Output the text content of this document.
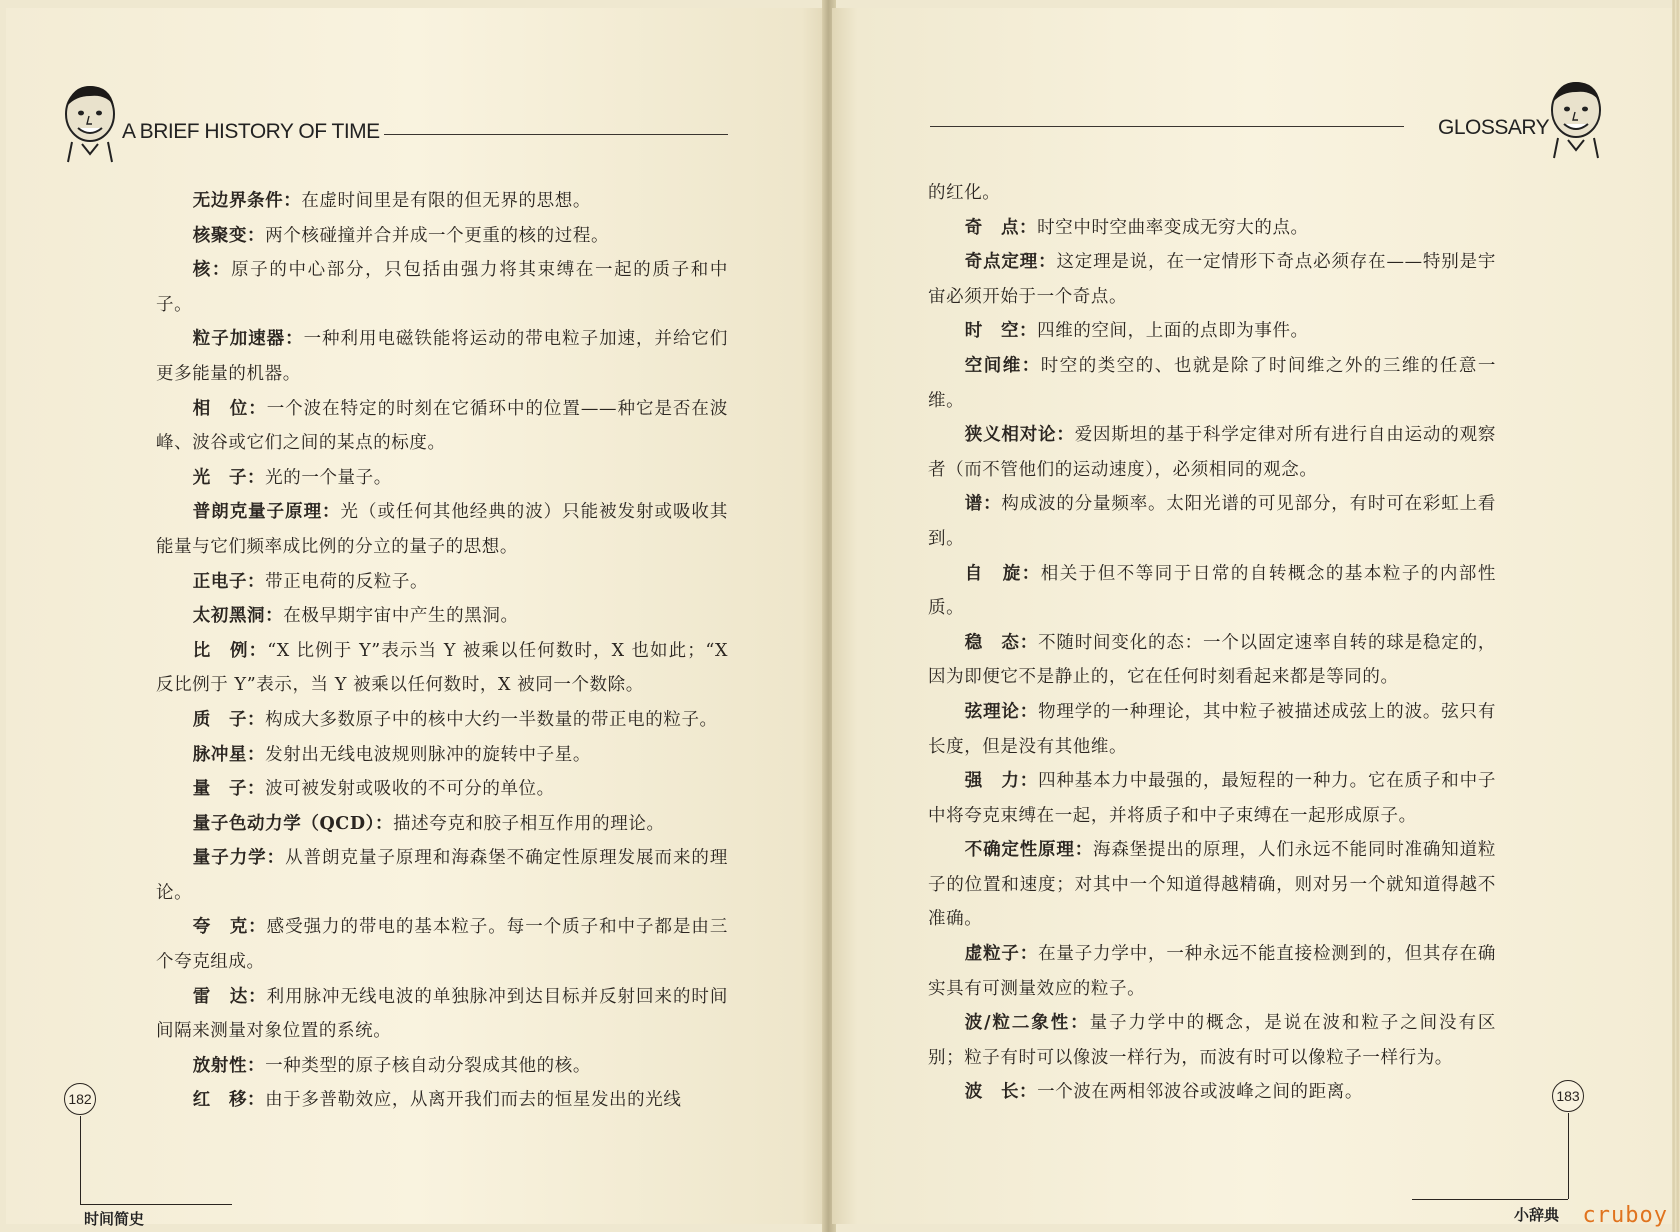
A BRIEF HISTORY OF TIME

无边界条件：在虚时间里是有限的但无界的思想。

核聚变：两个核碰撞并合并成一个更重的核的过程。

核：原子的中心部分，只包括由强力将其束缚在一起的质子和中子。

粒子加速器：一种利用电磁铁能将运动的带电粒子加速，并给它们更多能量的机器。

相　位：一个波在特定的时刻在它循环中的位置——种它是否在波峰、波谷或它们之间的某点的标度。

光　子：光的一个量子。

普朗克量子原理：光（或任何其他经典的波）只能被发射或吸收其能量与它们频率成比例的分立的量子的思想。

正电子：带正电荷的反粒子。

太初黑洞：在极早期宇宙中产生的黑洞。

比　例：“X 比例于 Y”表示当 Y 被乘以任何数时，X 也如此；“X 反比例于 Y”表示，当 Y 被乘以任何数时，X 被同一个数除。

质　子：构成大多数原子中的核中大约一半数量的带正电的粒子。

脉冲星：发射出无线电波规则脉冲的旋转中子星。

量　子：波可被发射或吸收的不可分的单位。

量子色动力学（QCD）：描述夸克和胶子相互作用的理论。

量子力学：从普朗克量子原理和海森堡不确定性原理发展而来的理论。

夸　克：感受强力的带电的基本粒子。每一个质子和中子都是由三个夸克组成。

雷　达：利用脉冲无线电波的单独脉冲到达目标并反射回来的时间间隔来测量对象位置的系统。

放射性：一种类型的原子核自动分裂成其他的核。

红　移：由于多普勒效应，从离开我们而去的恒星发出的光线

182
时间简史
GLOSSARY

的红化。

奇　点：时空中时空曲率变成无穷大的点。

奇点定理：这定理是说，在一定情形下奇点必须存在——特别是宇宙必须开始于一个奇点。

时　空：四维的空间，上面的点即为事件。

空间维：时空的类空的、也就是除了时间维之外的三维的任意一维。

狭义相对论：爱因斯坦的基于科学定律对所有进行自由运动的观察者（而不管他们的运动速度），必须相同的观念。

谱：构成波的分量频率。太阳光谱的可见部分，有时可在彩虹上看到。

自　旋：相关于但不等同于日常的自转概念的基本粒子的内部性质。

稳　态：不随时间变化的态：一个以固定速率自转的球是稳定的，因为即便它不是静止的，它在任何时刻看起来都是等同的。

弦理论：物理学的一种理论，其中粒子被描述成弦上的波。弦只有长度，但是没有其他维。

强　力：四种基本力中最强的，最短程的一种力。它在质子和中子中将夸克束缚在一起，并将质子和中子束缚在一起形成原子。

不确定性原理：海森堡提出的原理，人们永远不能同时准确知道粒子的位置和速度；对其中一个知道得越精确，则对另一个就知道得越不准确。

虚粒子：在量子力学中，一种永远不能直接检测到的，但其存在确实具有可测量效应的粒子。

波/粒二象性：量子力学中的概念，是说在波和粒子之间没有区别；粒子有时可以像波一样行为，而波有时可以像粒子一样行为。

波　长：一个波在两相邻波谷或波峰之间的距离。	183
小辞典 cruboy
